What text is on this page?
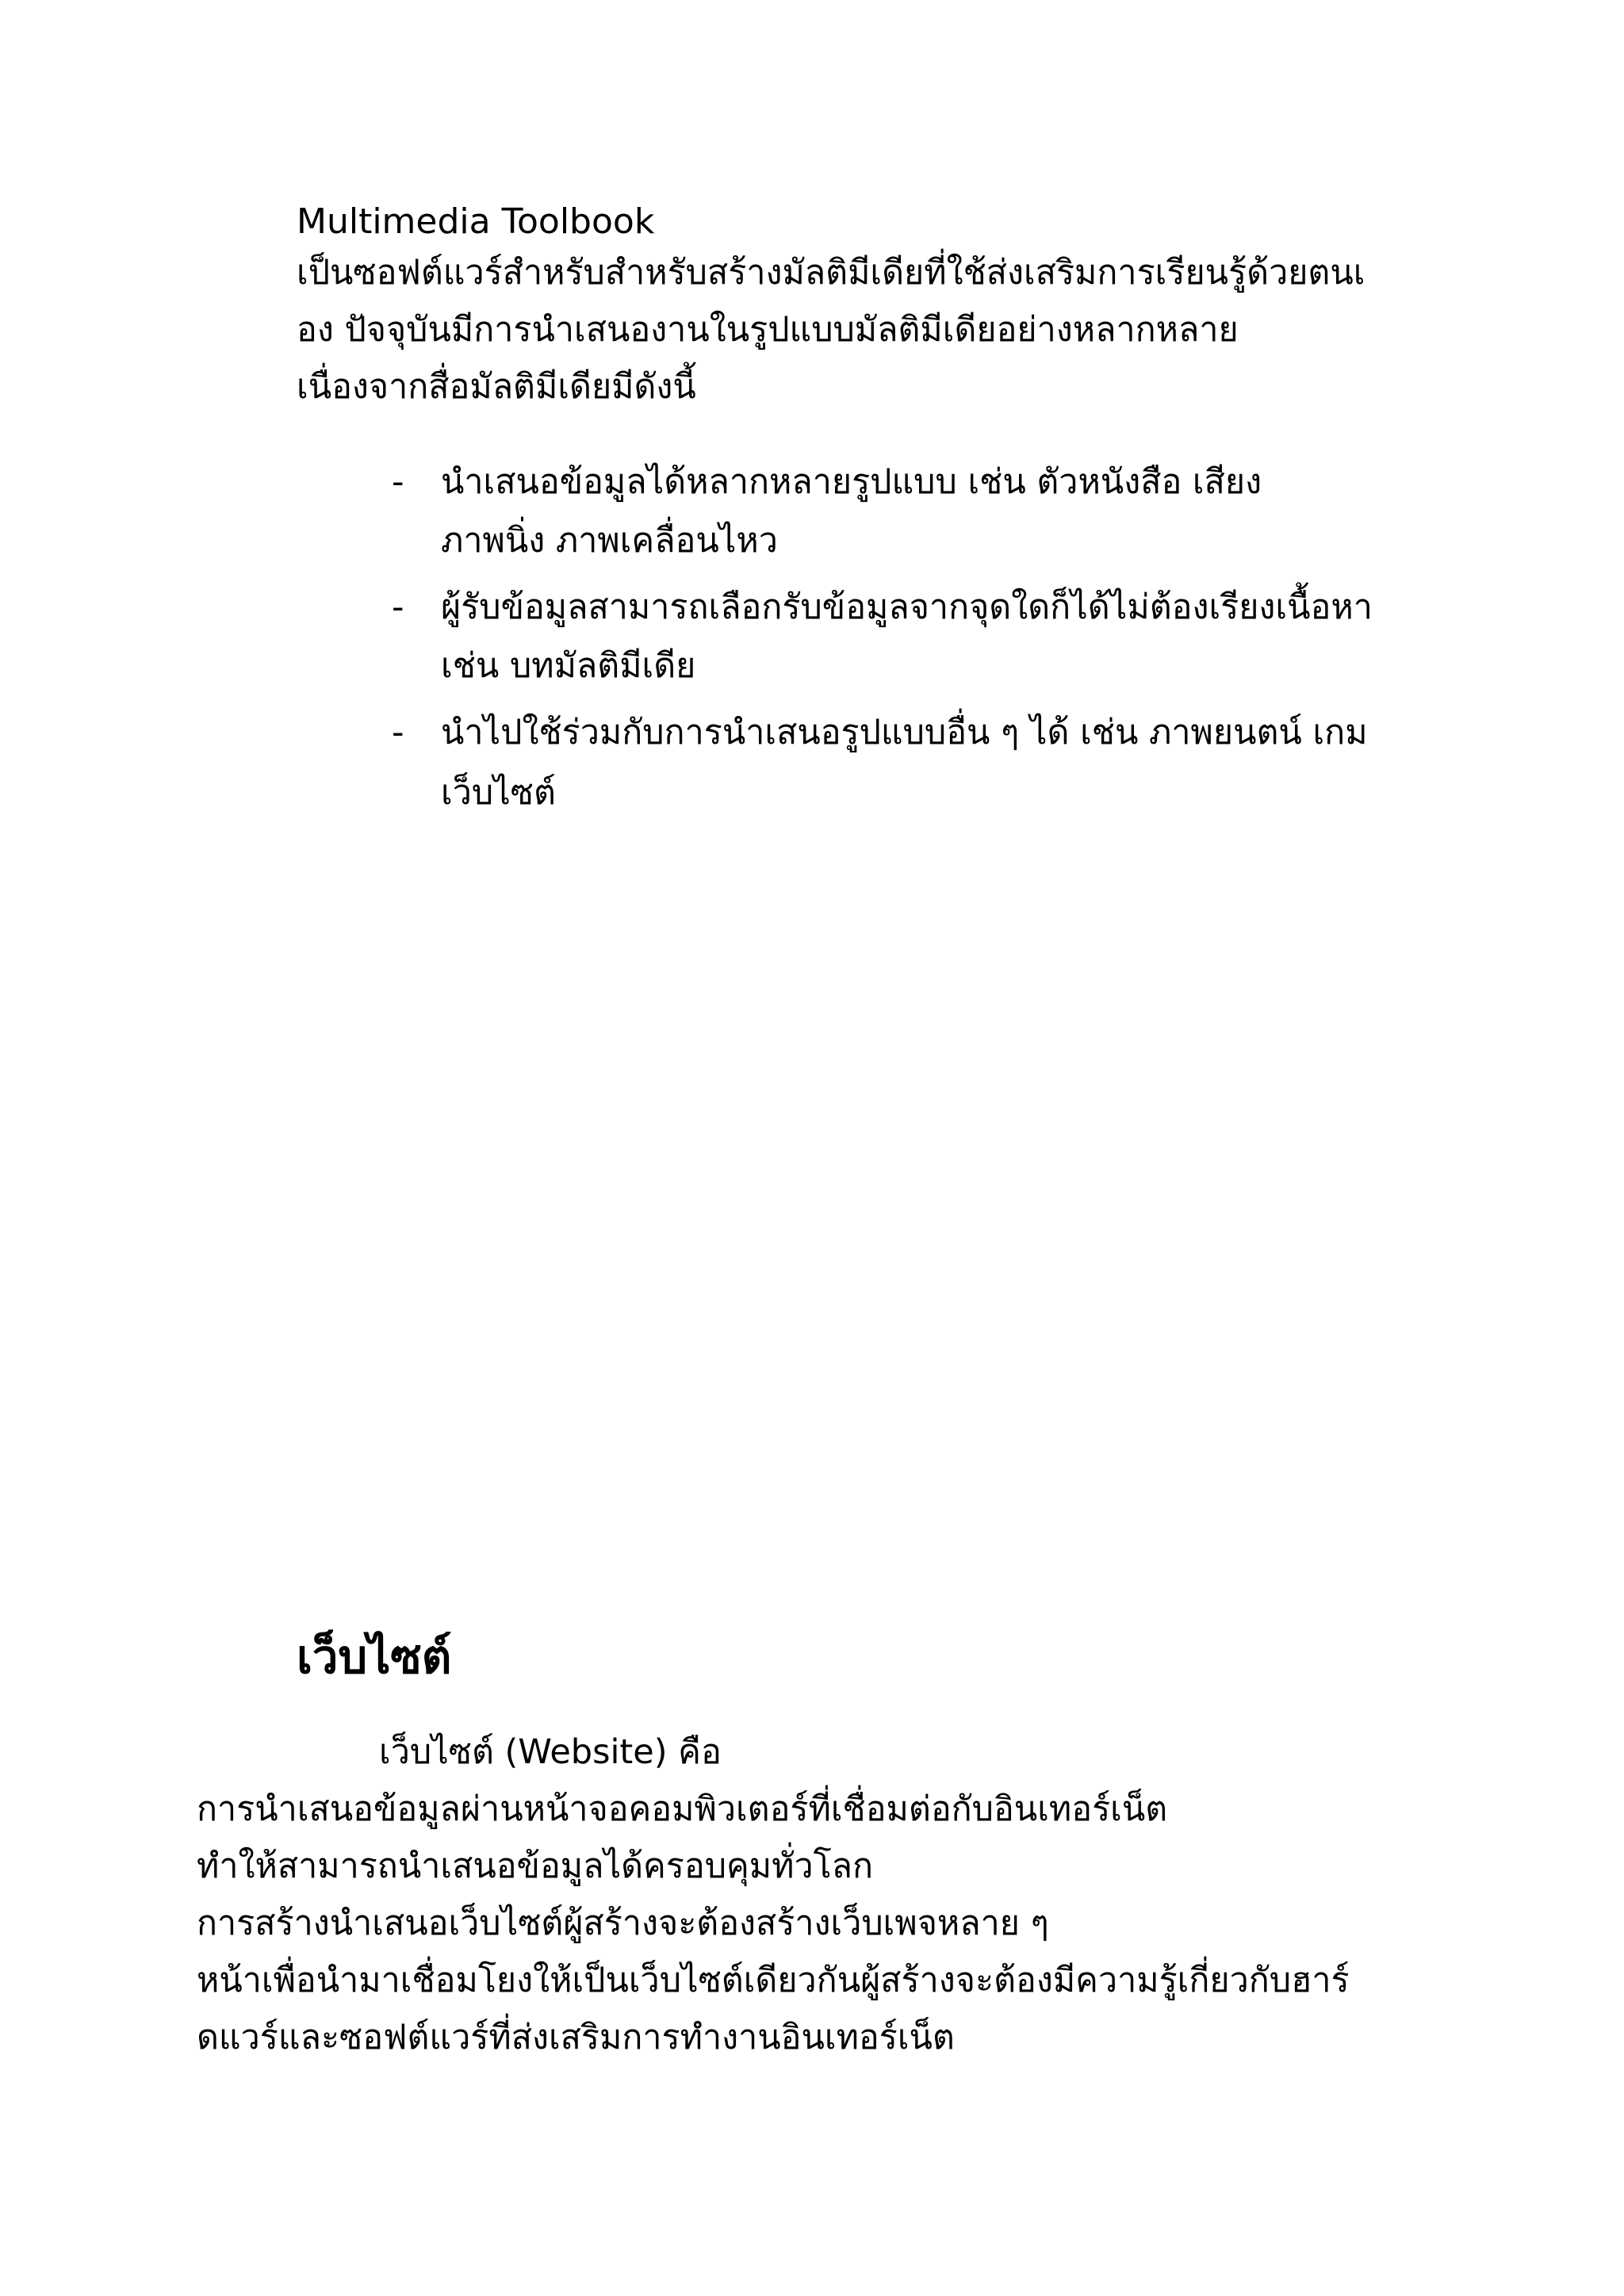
Multimedia Toolbook

เป็นซอฟต์แวร์สำหรับสำหรับสร้างมัลติมีเดียที่ใช้ส่งเสริมการเรียนรู้ด้วยตนเ

อง ปัจจุบันมีการนำเสนองานในรูปแบบมัลติมีเดียอย่างหลากหลาย

เนื่องจากสื่อมัลติมีเดียมีดังนี้

- นำเสนอข้อมูลได้หลากหลายรูปแบบ เช่น ตัวหนังสือ เสียง

ภาพนิ่ง ภาพเคลื่อนไหว

- ผู้รับข้อมูลสามารถเลือกรับข้อมูลจากจุดใดก็ได้ไม่ต้องเรียงเนื้อหา

เช่น บทมัลติมีเดีย

- นำไปใช้ร่วมกับการนำเสนอรูปแบบอื่น ๆ ได้ เช่น ภาพยนตน์ เกม

เว็บไซต์

เว็บไซต์

เว็บไซต์ (Website) คือ

การนำเสนอข้อมูลผ่านหน้าจอคอมพิวเตอร์ที่เชื่อมต่อกับอินเทอร์เน็ต

ทำให้สามารถนำเสนอข้อมูลได้ครอบคุมทั่วโลก

การสร้างนำเสนอเว็บไซต์ผู้สร้างจะต้องสร้างเว็บเพจหลาย ๆ

หน้าเพื่อนำมาเชื่อมโยงให้เป็นเว็บไซต์เดียวกันผู้สร้างจะต้องมีความรู้เกี่ยวกับฮาร์

ดแวร์และซอฟต์แวร์ที่ส่งเสริมการทำงานอินเทอร์เน็ต
